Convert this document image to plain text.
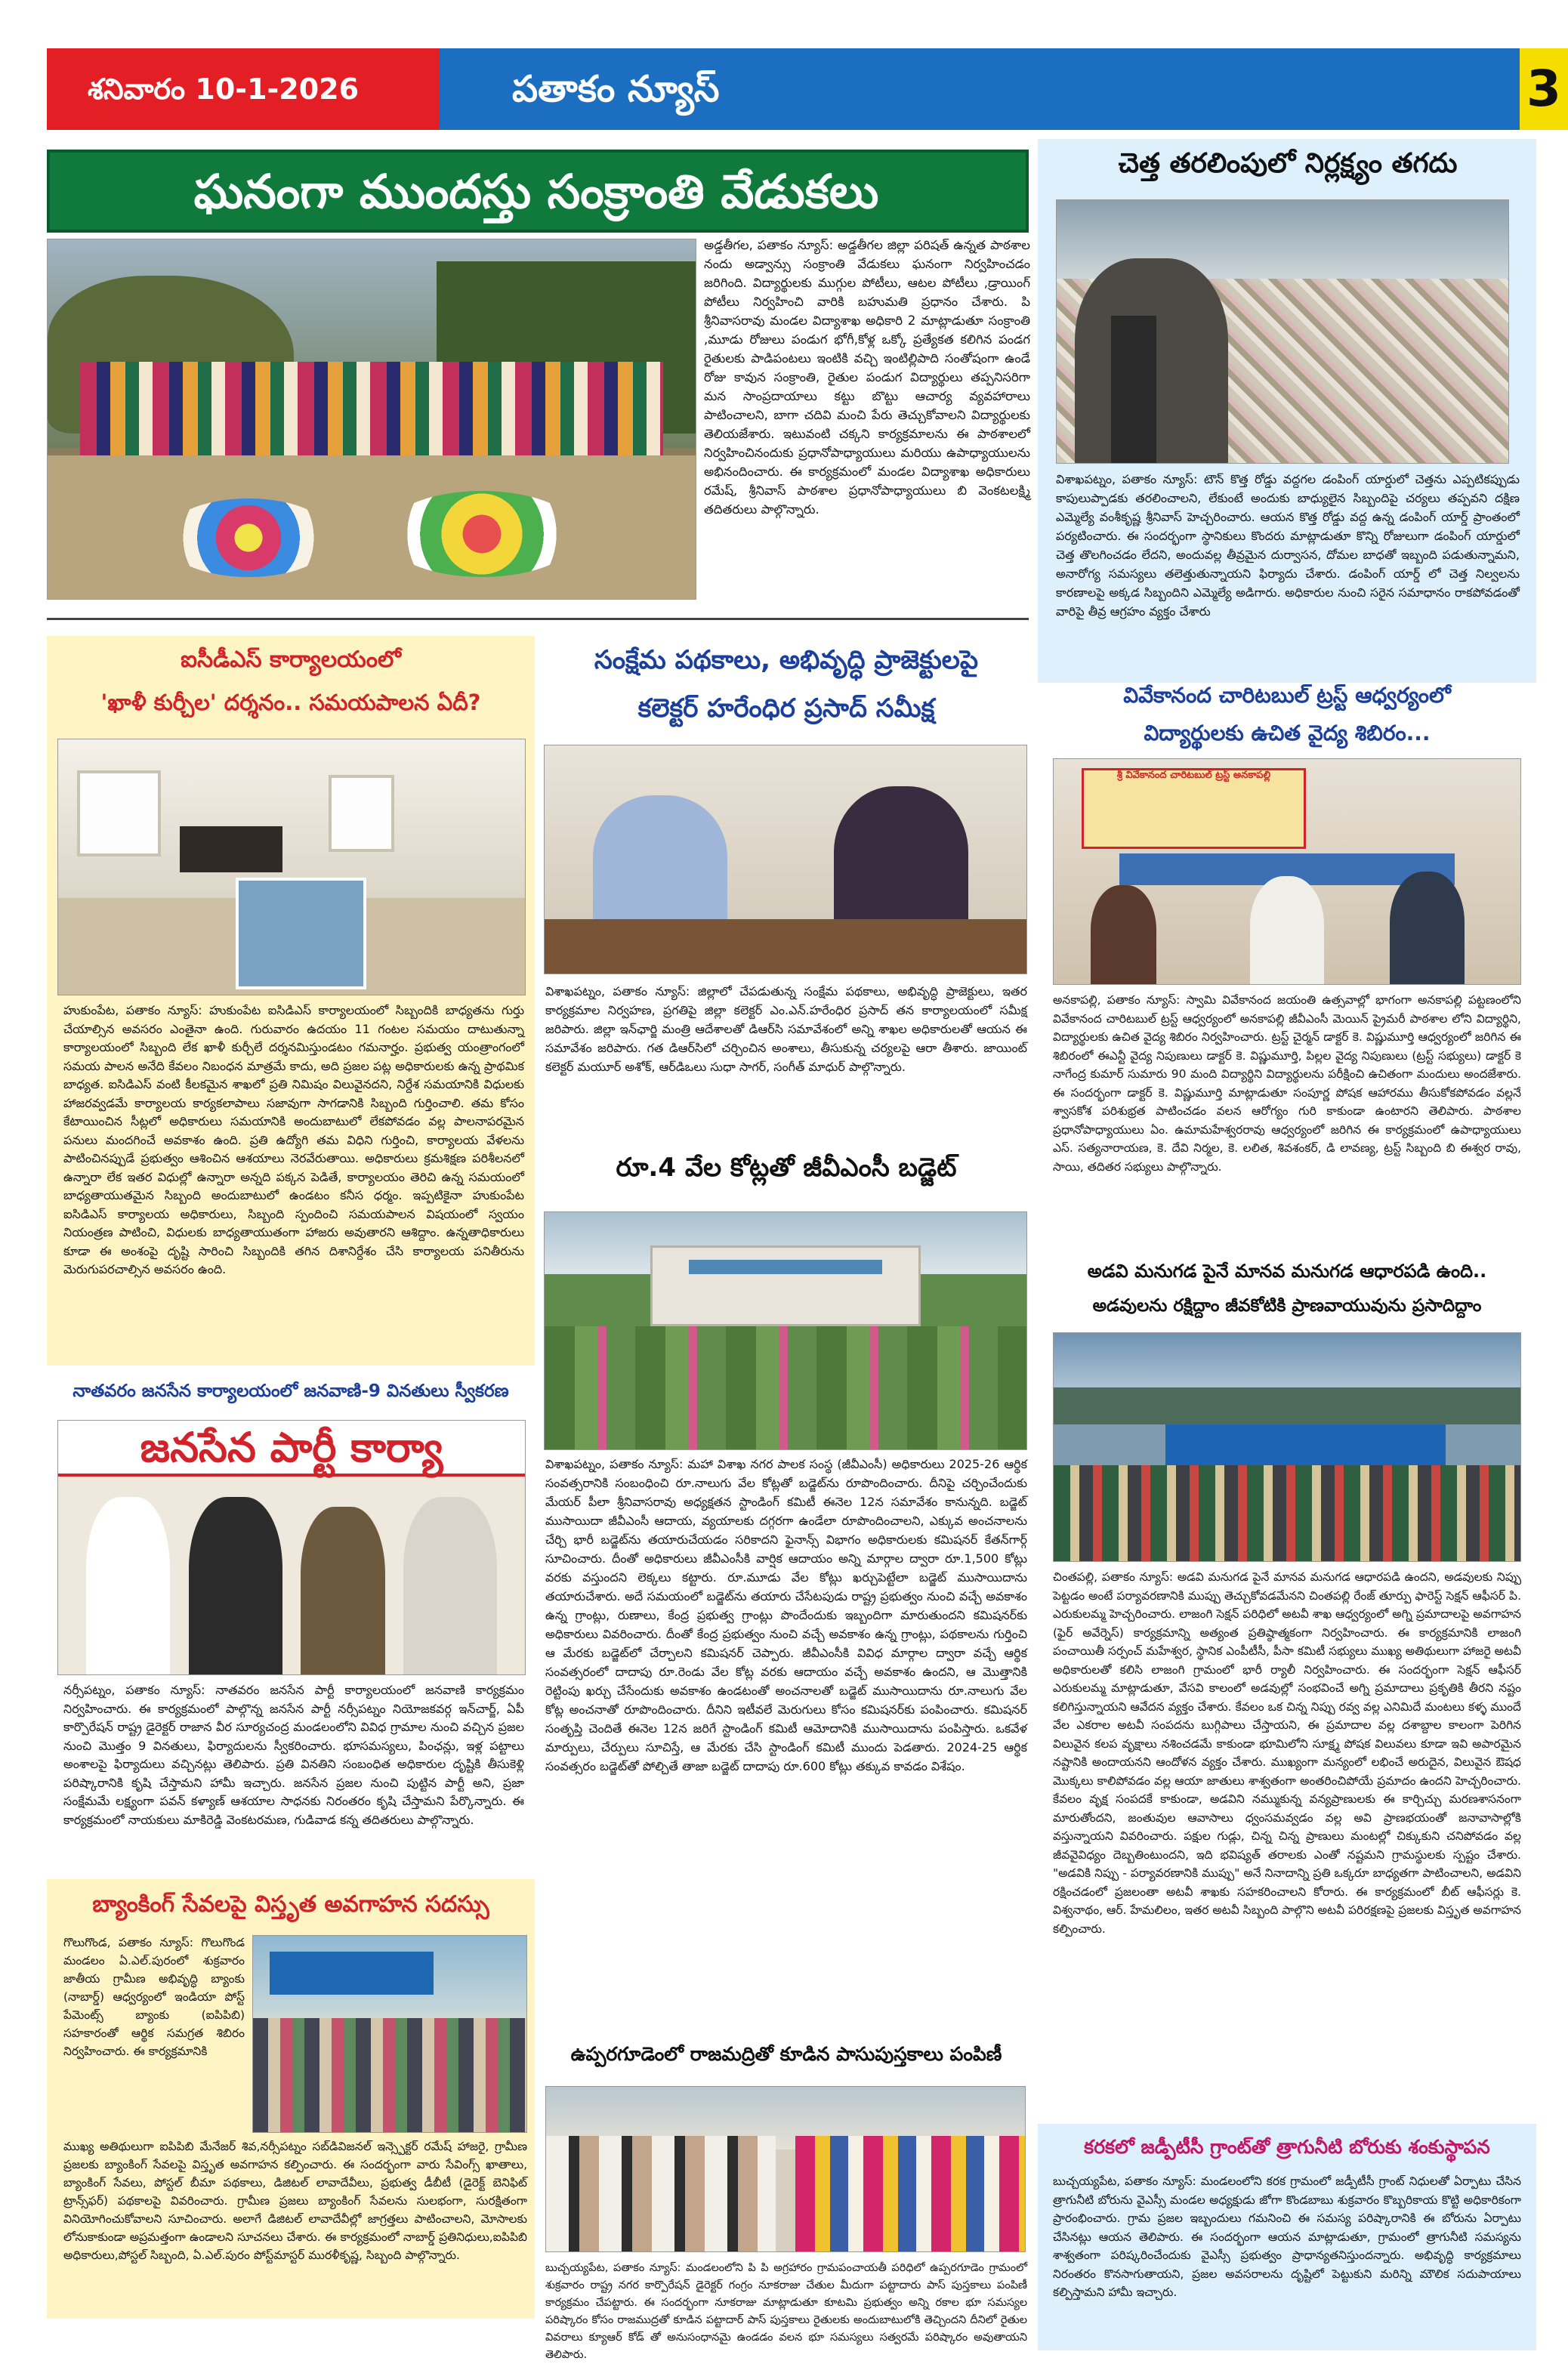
శనివారం 10-1-2026	పతాకం న్యూస్	3
ఘనంగా ముందస్తు సంక్రాంతి వేడుకలు
అడ్డతీగల, పతాకం న్యూస్: అడ్డతీగల జిల్లా పరిషత్ ఉన్నత పాఠశాల నందు అడ్వాన్సు సంక్రాంతి వేడుకలు ఘనంగా నిర్వహించడం జరిగింది. విద్యార్థులకు ముగ్గుల పోటీలు, ఆటల పోటీలు ,డ్రాయింగ్ పోటీలు నిర్వహించి వారికి బహుమతి ప్రధానం చేశారు. పి శ్రీనివాసరావు మండల విద్యాశాఖ అధికారి 2 మాట్లాడుతూ సంక్రాంతి ,మూడు రోజులు పండుగ భోగీ,కోళ్ల ఒక్కో ప్రత్యేకత కలిగిన పండగ రైతులకు పాడిపంటలు ఇంటికి వచ్చి ఇంటిల్లిపాది సంతోషంగా ఉండే రోజు కావున సంక్రాంతి, రైతుల పండుగ విద్యార్థులు తప్పనిసరిగా మన సాంప్రదాయాలు కట్టు బొట్టు ఆచార్య వ్యవహారాలు పాటించాలని, బాగా చదివి మంచి పేరు తెచ్చుకోవాలని విద్యార్థులకు తెలియజేశారు. ఇటువంటి చక్కని కార్యక్రమాలను ఈ పాఠశాలలో నిర్వహించినందుకు ప్రధానోపాధ్యాయులు మరియు ఉపాధ్యాయులను అభినందించారు. ఈ కార్యక్రమంలో మండల విద్యాశాఖ అధికారులు రమేష్, శ్రీనివాస్ పాఠశాల ప్రధానోపాధ్యాయులు బి వెంకటలక్ష్మి తదితరులు పాల్గొన్నారు.
చెత్త తరలింపులో నిర్లక్ష్యం తగదు
విశాఖపట్నం, పతాకం న్యూస్: టౌన్ కొత్త రోడ్డు వద్దగల డంపింగ్ యార్డులో చెత్తను ఎప్పటికప్పుడు కాపులుప్పాడకు తరలించాలని, లేకుంటే అందుకు బాధ్యులైన సిబ్బందిపై చర్యలు తప్పవని దక్షిణ ఎమ్మెల్యే వంశీకృష్ణ శ్రీనివాస్ హెచ్చరించారు. ఆయన కొత్త రోడ్డు వద్ద ఉన్న డంపింగ్ యార్డ్ ప్రాంతంలో పర్యటించారు. ఈ సందర్భంగా స్థానికులు కొందరు మాట్లాడుతూ కొన్ని రోజులుగా డంపింగ్ యార్డులో చెత్త తొలగించడం లేదని, అందువల్ల తీవ్రమైన దుర్వాసన, దోమల బాధతో ఇబ్బంది పడుతున్నామని, అనారోగ్య సమస్యలు తలెత్తుతున్నాయని ఫిర్యాదు చేశారు. డంపింగ్ యార్డ్ లో చెత్త నిల్వలను కారణాలపై అక్కడ సిబ్బందిని ఎమ్మెల్యే అడిగారు. అధికారుల నుంచి సరైన సమాధానం రాకపోవడంతో వారిపై తీవ్ర ఆగ్రహం వ్యక్తం చేశారు
ఐసీడీఎస్ కార్యాలయంలో
'ఖాళీ కుర్చీల' దర్శనం.. సమయపాలన ఏదీ?
హుకుంపేట, పతాకం న్యూస్: హుకుంపేట ఐసిడిఎస్ కార్యాలయంలో సిబ్బందికి బాధ్యతను గుర్తు చేయాల్సిన అవసరం ఎంతైనా ఉంది. గురువారం ఉదయం 11 గంటల సమయం దాటుతున్నా కార్యాలయంలో సిబ్బంది లేక ఖాళీ కుర్చీలే దర్శనమిస్తుండటం గమనార్హం. ప్రభుత్వ యంత్రాంగంలో సమయ పాలన అనేది కేవలం నిబంధన మాత్రమే కాదు, అది ప్రజల పట్ల అధికారులకు ఉన్న ప్రాథమిక బాధ్యత. ఐసిడిఎస్ వంటి కీలకమైన శాఖలో ప్రతి నిమిషం విలువైనదని, నిర్దేశ సమయానికి విధులకు హాజరవ్వడమే కార్యాలయ కార్యకలాపాలు సజావుగా సాగడానికి సిబ్బంది గుర్తించాలి. తమ కోసం కేటాయించిన సీట్లలో అధికారులు సమయానికి అందుబాటులో లేకపోవడం వల్ల పాలనాపరమైన పనులు మందగించే అవకాశం ఉంది. ప్రతి ఉద్యోగి తమ విధిని గుర్తించి, కార్యాలయ వేళలను పాటించినప్పుడే ప్రభుత్వం ఆశించిన ఆశయాలు నెరవేరుతాయి. అధికారులు క్రమశిక్షణ పరిశీలనలో ఉన్నారా లేక ఇతర విధుల్లో ఉన్నారా అన్నది పక్కన పెడితే, కార్యాలయం తెరిచి ఉన్న సమయంలో బాధ్యతాయుతమైన సిబ్బంది అందుబాటులో ఉండటం కనీస ధర్మం. ఇప్పటికైనా హుకుంపేట ఐసిడిఎస్ కార్యాలయ అధికారులు, సిబ్బంది స్పందించి సమయపాలన విషయంలో స్వయం నియంత్రణ పాటించి, విధులకు బాధ్యతాయుతంగా హాజరు అవుతారని ఆశిద్దాం. ఉన్నతాధికారులు కూడా ఈ అంశంపై దృష్టి సారించి సిబ్బందికి తగిన దిశానిర్దేశం చేసి కార్యాలయ పనితీరును మెరుగుపరచాల్సిన అవసరం ఉంది.
నాతవరం జనసేన కార్యాలయంలో జనవాణి-9 వినతులు స్వీకరణ
జనసేన పార్టీ కార్యా
నర్సీపట్నం, పతాకం న్యూస్: నాతవరం జనసేన పార్టీ కార్యాలయంలో జనవాణి కార్యక్రమం నిర్వహించారు. ఈ కార్యక్రమంలో పాల్గొన్న జనసేన పార్టీ నర్సీపట్నం నియోజకవర్గ ఇన్‌చార్జ్, ఏపీ కార్పొరేషన్ రాష్ట్ర డైరెక్టర్ రాజాన వీర సూర్యచంద్ర మండలంలోని వివిధ గ్రామాల నుంచి వచ్చిన ప్రజల నుంచి మొత్తం 9 వినతులు, ఫిర్యాదులను స్వీకరించారు. భూసమస్యలు, పింఛన్లు, ఇళ్ల పట్టాలు అంశాలపై ఫిర్యాదులు వచ్చినట్లు తెలిపారు. ప్రతి వినతిని సంబంధిత అధికారుల దృష్టికి తీసుకెళ్లి పరిష్కారానికి కృషి చేస్తామని హామీ ఇచ్చారు. జనసేన ప్రజల నుంచి పుట్టిన పార్టీ అని, ప్రజా సంక్షేమమే లక్ష్యంగా పవన్ కళ్యాణ్ ఆశయాల సాధనకు నిరంతరం కృషి చేస్తామని పేర్కొన్నారు. ఈ కార్యక్రమంలో నాయకులు మాకిరెడ్డి వెంకటరమణ, గుడివాడ కన్న తదితరులు పాల్గొన్నారు.
బ్యాంకింగ్ సేవలపై విస్తృత అవగాహన సదస్సు
గొలుగొండ, పతాకం న్యూస్: గొలుగొండ మండలం ఏ.ఎల్.పురంలో శుక్రవారం జాతీయ గ్రామీణ అభివృద్ధి బ్యాంకు (నాబార్డ్) ఆధ్వర్యంలో ఇండియా పోస్ట్ పేమెంట్స్ బ్యాంకు (ఐపిపిబి) సహకారంతో ఆర్థిక సమగ్రత శిబిరం నిర్వహించారు. ఈ కార్యక్రమానికి
ముఖ్య అతిథులుగా ఐపిపిబి మేనేజర్ శివ,నర్సీపట్నం సబ్‌డివిజనల్ ఇన్స్పెక్టర్ రమేష్ హాజరై, గ్రామీణ ప్రజలకు బ్యాంకింగ్ సేవలపై విస్తృత అవగాహన కల్పించారు. ఈ సందర్భంగా వారు సేవింగ్స్ ఖాతాలు, బ్యాంకింగ్ సేవలు, పోస్టల్ బీమా పథకాలు, డిజిటల్ లావాదేవీలు, ప్రభుత్వ డీబీటీ (డైరెక్ట్ బెనిఫిట్ ట్రాన్స్‌ఫర్) పథకాలపై వివరించారు. గ్రామీణ ప్రజలు బ్యాంకింగ్ సేవలను సులభంగా, సురక్షితంగా వినియోగించుకోవాలని సూచించారు. అలాగే డిజిటల్ లావాదేవీల్లో జాగ్రత్తలు పాటించాలని, మోసాలకు లోనుకాకుండా అప్రమత్తంగా ఉండాలని సూచనలు చేశారు. ఈ కార్యక్రమంలో నాబార్డ్ ప్రతినిధులు,ఐపిపిబి అధికారులు,పోస్టల్ సిబ్బంది, ఏ.ఎల్.పురం పోస్ట్‌మాస్టర్ మురళీకృష్ణ, సిబ్బంది పాల్గొన్నారు.
సంక్షేమ పథకాలు, అభివృద్ధి ప్రాజెక్టులపై
కలెక్టర్ హరేంధిర ప్రసాద్ సమీక్ష
విశాఖపట్నం, పతాకం న్యూస్: జిల్లాలో చేపడుతున్న సంక్షేమ పథకాలు, అభివృద్ధి ప్రాజెక్టులు, ఇతర కార్యక్రమాల నిర్వహణ, ప్రగతిపై జిల్లా కలెక్టర్ ఎం.ఎన్.హరేంధిర ప్రసాద్ తన కార్యాలయంలో సమీక్ష జరిపారు. జిల్లా ఇన్‌ఛార్జి మంత్రి ఆదేశాలతో డిఆర్‌సి సమావేశంలో అన్ని శాఖల అధికారులతో ఆయన ఈ సమావేశం జరిపారు. గత డిఆర్‌సిలో చర్చించిన అంశాలు, తీసుకున్న చర్యలపై ఆరా తీశారు. జాయింట్ కలెక్టర్ మయూర్ అశోక్, ఆర్‌డిఒలు సుధా సాగర్, సంగీత్ మాధుర్ పాల్గొన్నారు.
రూ.4 వేల కోట్లతో జీవీఎంసీ బడ్జెట్
విశాఖపట్నం, పతాకం న్యూస్: మహా విశాఖ నగర పాలక సంస్థ (జీవీఎంసీ) అధికారులు 2025-26 ఆర్థిక సంవత్సరానికి సంబంధించి రూ.నాలుగు వేల కోట్లతో బడ్జెట్‌ను రూపొందించారు. దీనిపై చర్చించేందుకు మేయర్ పీలా శ్రీనివాసరావు అధ్యక్షతన స్టాండింగ్ కమిటీ ఈనెల 12న సమావేశం కానున్నది. బడ్జెట్ ముసాయిదా జీవీఎంసీ ఆదాయ, వ్యయాలకు దగ్గరగా ఉండేలా రూపొందించాలని, ఎక్కువ అంచనాలను చేర్చి భారీ బడ్జెట్‌ను తయారుచేయడం సరికాదని ఫైనాన్స్ విభాగం అధికారులకు కమిషనర్ కేతన్‌గార్గ్ సూచించారు. దీంతో అధికారులు జీవీఎంసీకి వార్షిక ఆదాయం అన్ని మార్గాల ద్వారా రూ.1,500 కోట్లు వరకు వస్తుందని లెక్కలు కట్టారు. రూ.మూడు వేల కోట్లు ఖర్చుపెట్టేలా బడ్జెట్ ముసాయిదాను తయారుచేశారు. అదే సమయంలో బడ్జెట్‌ను తయారు చేసేటపుడు రాష్ట్ర ప్రభుత్వం నుంచి వచ్చే అవకాశం ఉన్న గ్రాంట్లు, రుణాలు, కేంద్ర ప్రభుత్వ గ్రాంట్లు పొందేందుకు ఇబ్బందిగా మారుతుందని కమిషనర్‌కు అధికారులు వివరించారు. దీంతో కేంద్ర ప్రభుత్వం నుంచి వచ్చే అవకాశం ఉన్న గ్రాంట్లు, పథకాలను గుర్తించి ఆ మేరకు బడ్జెట్‌లో చేర్చాలని కమిషనర్ చెప్పారు. జీవీఎంసీకి వివిధ మార్గాల ద్వారా వచ్చే ఆర్థిక సంవత్సరంలో దాదాపు రూ.రెండు వేల కోట్ల వరకు ఆదాయం వచ్చే అవకాశం ఉందని, ఆ మొత్తానికి రెట్టింపు ఖర్చు చేసేందుకు అవకాశం ఉండటంతో అంచనాలతో బడ్జెట్ ముసాయిదాను రూ.నాలుగు వేల కోట్ల అంచనాతో రూపొందించారు. దీనిని ఇటీవలే మెరుగులు కోసం కమిషనర్‌కు పంపించారు. కమిషనర్ సంతృప్తి చెందితే ఈనెల 12న జరిగే స్టాండింగ్ కమిటీ ఆమోదానికి ముసాయిదాను పంపిస్తారు. ఒకవేళ మార్పులు, చేర్పులు సూచిస్తే, ఆ మేరకు చేసి స్టాండింగ్ కమిటీ ముందు పెడతారు. 2024-25 ఆర్థిక సంవత్సరం బడ్జెట్‌తో పోల్చితే తాజా బడ్జెట్ దాదాపు రూ.600 కోట్లు తక్కువ కావడం విశేషం.
ఉప్పరగూడెంలో రాజమద్రితో కూడిన పాసుపుస్తకాలు పంపిణీ
బుచ్చయ్యపేట, పతాకం న్యూస్: మండలంలోని పి పి అగ్రహారం గ్రామపంచాయతీ పరిధిలో ఉప్పరగూడెం గ్రామంలో శుక్రవారం రాష్ట్ర నగర కార్పొరేషన్ డైరెక్టర్ గంగ్రం నూకరాజు చేతుల మీదుగా పట్టాదారు పాస్ పుస్తకాలు పంపిణీ కార్యక్రమం చేపట్టారు. ఈ సందర్భంగా నూకరాజు మాట్లాడుతూ కూటమి ప్రభుత్వం అన్ని రకాల భూ సమస్యల పరిష్కారం కోసం రాజముద్రతో కూడిన పట్టాదార్ పాస్ పుస్తకాలు రైతులకు అందుబాటులోకి తెచ్చిందని దీనిలో రైతుల వివరాలు క్యూఆర్ కోడ్ తో అనుసంధానమై ఉండడం వలన భూ సమస్యలు సత్వరమే పరిష్కారం అవుతాయని తెలిపారు.
వివేకానంద చారిటబుల్ ట్రస్ట్ ఆధ్వర్యంలో
విద్యార్థులకు ఉచిత వైద్య శిబిరం...
శ్రీ వివేకానంద చారిటబుల్ ట్రస్ట్ అనకాపల్లి
అనకాపల్లి, పతాకం న్యూస్: స్వామి వివేకానంద జయంతి ఉత్సవాల్లో భాగంగా అనకాపల్లి పట్టణంలోని వివేకానంద చారిటబుల్ ట్రస్ట్ ఆధ్వర్యంలో అనకాపల్లి జీవీఎంసీ మెయిన్ ప్రైమరీ పాఠశాల లోని విద్యార్థిని, విద్యార్థులకు ఉచిత వైద్య శిబిరం నిర్వహించారు. ట్రస్ట్ చైర్మన్ డాక్టర్ కె. విష్ణుమూర్తి ఆధ్వర్యంలో జరిగిన ఈ శిబిరంలో ఈఎన్టీ వైద్య నిపుణులు డాక్టర్ కె. విష్ణుమూర్తి, పిల్లల వైద్య నిపుణులు (ట్రస్ట్ సభ్యులు) డాక్టర్ కె నాగేంద్ర కుమార్ సుమారు 90 మంది విద్యార్థిని విద్యార్థులను పరీక్షించి ఉచితంగా మందులు అందజేశారు. ఈ సందర్భంగా డాక్టర్ కె. విష్ణుమూర్తి మాట్లాడుతూ సంపూర్ణ పోషక ఆహారము తీసుకోకపోవడం వల్లనే శ్వాసకోశ పరిశుభ్రత పాటించడం వలన ఆరోగ్యం గురి కాకుండా ఉంటారని తెలిపారు. పాఠశాల ప్రధానోపాధ్యాయులు ఏం. ఉమామహేశ్వరరావు ఆధ్వర్యంలో జరిగిన ఈ కార్యక్రమంలో ఉపాధ్యాయులు ఎస్. సత్యనారాయణ, కె. దేవి నిర్మల, కె. లలిత, శివశంకర్, డి లావణ్య, ట్రస్ట్ సిబ్బంది బి ఈశ్వర రావు, సాయి, తదితర సభ్యులు పాల్గొన్నారు.
అడవి మనుగడ పైనే మానవ మనుగడ ఆధారపడి ఉంది..
అడవులను రక్షిద్దాం జీవకోటికి ప్రాణవాయువును ప్రసాదిద్దాం
చింతపల్లి, పతాకం న్యూస్: అడవి మనుగడ పైనే మానవ మనుగడ ఆధారపడి ఉందని, అడవులకు నిప్పు పెట్టడం అంటే పర్యావరణానికి ముప్పు తెచ్చుకోవడమేనని చింతపల్లి రేంజ్ తూర్పు ఫారెస్ట్ సెక్షన్ ఆఫీసర్ పి. ఎరుకులమ్మ హెచ్చరించారు. లాజంగి సెక్షన్ పరిధిలో అటవీ శాఖ ఆధ్వర్యంలో అగ్ని ప్రమాదాలపై అవగాహన (ఫైర్ అవేర్నెస్) కార్యక్రమాన్ని అత్యంత ప్రతిష్ఠాత్మకంగా నిర్వహించారు. ఈ కార్యక్రమానికి లాజంగి పంచాయితీ సర్పంచ్ మహేశ్వర, స్థానిక ఎంపీటీసీ, పీసా కమిటీ సభ్యులు ముఖ్య అతిథులుగా హాజరై అటవీ అధికారులతో కలిసి లాజంగి గ్రామంలో భారీ ర్యాలీ నిర్వహించారు. ఈ సందర్భంగా సెక్షన్ ఆఫీసర్ ఎరుకులమ్మ మాట్లాడుతూ, వేసవి కాలంలో అడవుల్లో సంభవించే అగ్ని ప్రమాదాలు ప్రకృతికి తీరని నష్టం కలిగిస్తున్నాయని ఆవేదన వ్యక్తం చేశారు. కేవలం ఒక చిన్న నిప్పు రవ్వ వల్ల ఎనిమిదే మంటలు కళ్ళ ముందే వేల ఎకరాల అటవీ సంపదను బుగ్గిపాలు చేస్తాయని, ఈ ప్రమాదాల వల్ల దశాబ్దాల కాలంగా పెరిగిన విలువైన కలప వృక్షాలు నశించడమే కాకుండా భూమిలోని సూక్ష్మ పోషక విలువలు కూడా ఇవి అపారమైన నష్టానికి అందాయనని ఆందోళన వ్యక్తం చేశారు. ముఖ్యంగా మన్యంలో లభించే అరుదైన, విలువైన ఔషధ మొక్కలు కాలిపోవడం వల్ల ఆయా జాతులు శాశ్వతంగా అంతరించిపోయే ప్రమాదం ఉందని హెచ్చరించారు. కేవలం వృక్ష సంపదకే కాకుండా, అడవిని నమ్ముకున్న వన్యప్రాణులకు ఈ కార్చిచ్చు మరణశాసనంగా మారుతోందని, జంతువుల ఆవాసాలు ధ్వంసమవ్వడం వల్ల అవి ప్రాణభయంతో జనావాసాల్లోకి వస్తున్నాయని వివరించారు. పక్షుల గుడ్లు, చిన్న చిన్న ప్రాణులు మంటల్లో చిక్కుకుని చనిపోవడం వల్ల జీవవైవిధ్యం దెబ్బతింటుందని, ఇది భవిష్యత్ తరాలకు ఎంతో నష్టమని గ్రామస్థులకు స్పష్టం చేశారు. "అడవికి నిప్పు - పర్యావరణానికి ముప్పు" అనే నినాదాన్ని ప్రతి ఒక్కరూ బాధ్యతగా పాటించాలని, అడవిని రక్షించడంలో ప్రజలంతా అటవీ శాఖకు సహకరించాలని కోరారు. ఈ కార్యక్రమంలో బీట్ ఆఫీసర్లు కె. విశ్వనాథం, ఆర్. హేమలిలం, ఇతర అటవీ సిబ్బంది పాల్గొని అటవీ పరిరక్షణపై ప్రజలకు విస్తృత అవగాహన కల్పించారు.
కరకలో జడ్పీటీసీ గ్రాంట్‌తో త్రాగునీటి బోరుకు శంకుస్థాపన
బుచ్చయ్యపేట, పతాకం న్యూస్: మండలంలోని కరక గ్రామంలో జడ్పీటీసీ గ్రాంట్ నిధులతో ఏర్పాటు చేసిన త్రాగునీటి బోరును వైఎస్సీ మండల అధ్యక్షుడు జోగా కొండబాబు శుక్రవారం కొబ్బరికాయ కొట్టి అధికారికంగా ప్రారంభించారు. గ్రామ ప్రజల ఇబ్బందులు గమనించి ఈ సమస్య పరిష్కారానికి ఈ బోరును ఏర్పాటు చేసినట్లు ఆయన తెలిపారు. ఈ సందర్భంగా ఆయన మాట్లాడుతూ, గ్రామంలో త్రాగునీటి సమస్యను శాశ్వతంగా పరిష్కరించేందుకు వైఎస్సీ ప్రభుత్వం ప్రాధాన్యతనిస్తుందన్నారు. అభివృద్ధి కార్యక్రమాలు నిరంతరం కొనసాగుతాయని, ప్రజల అవసరాలను దృష్టిలో పెట్టుకుని మరిన్ని మౌలిక సదుపాయాలు కల్పిస్తామని హామీ ఇచ్చారు.
